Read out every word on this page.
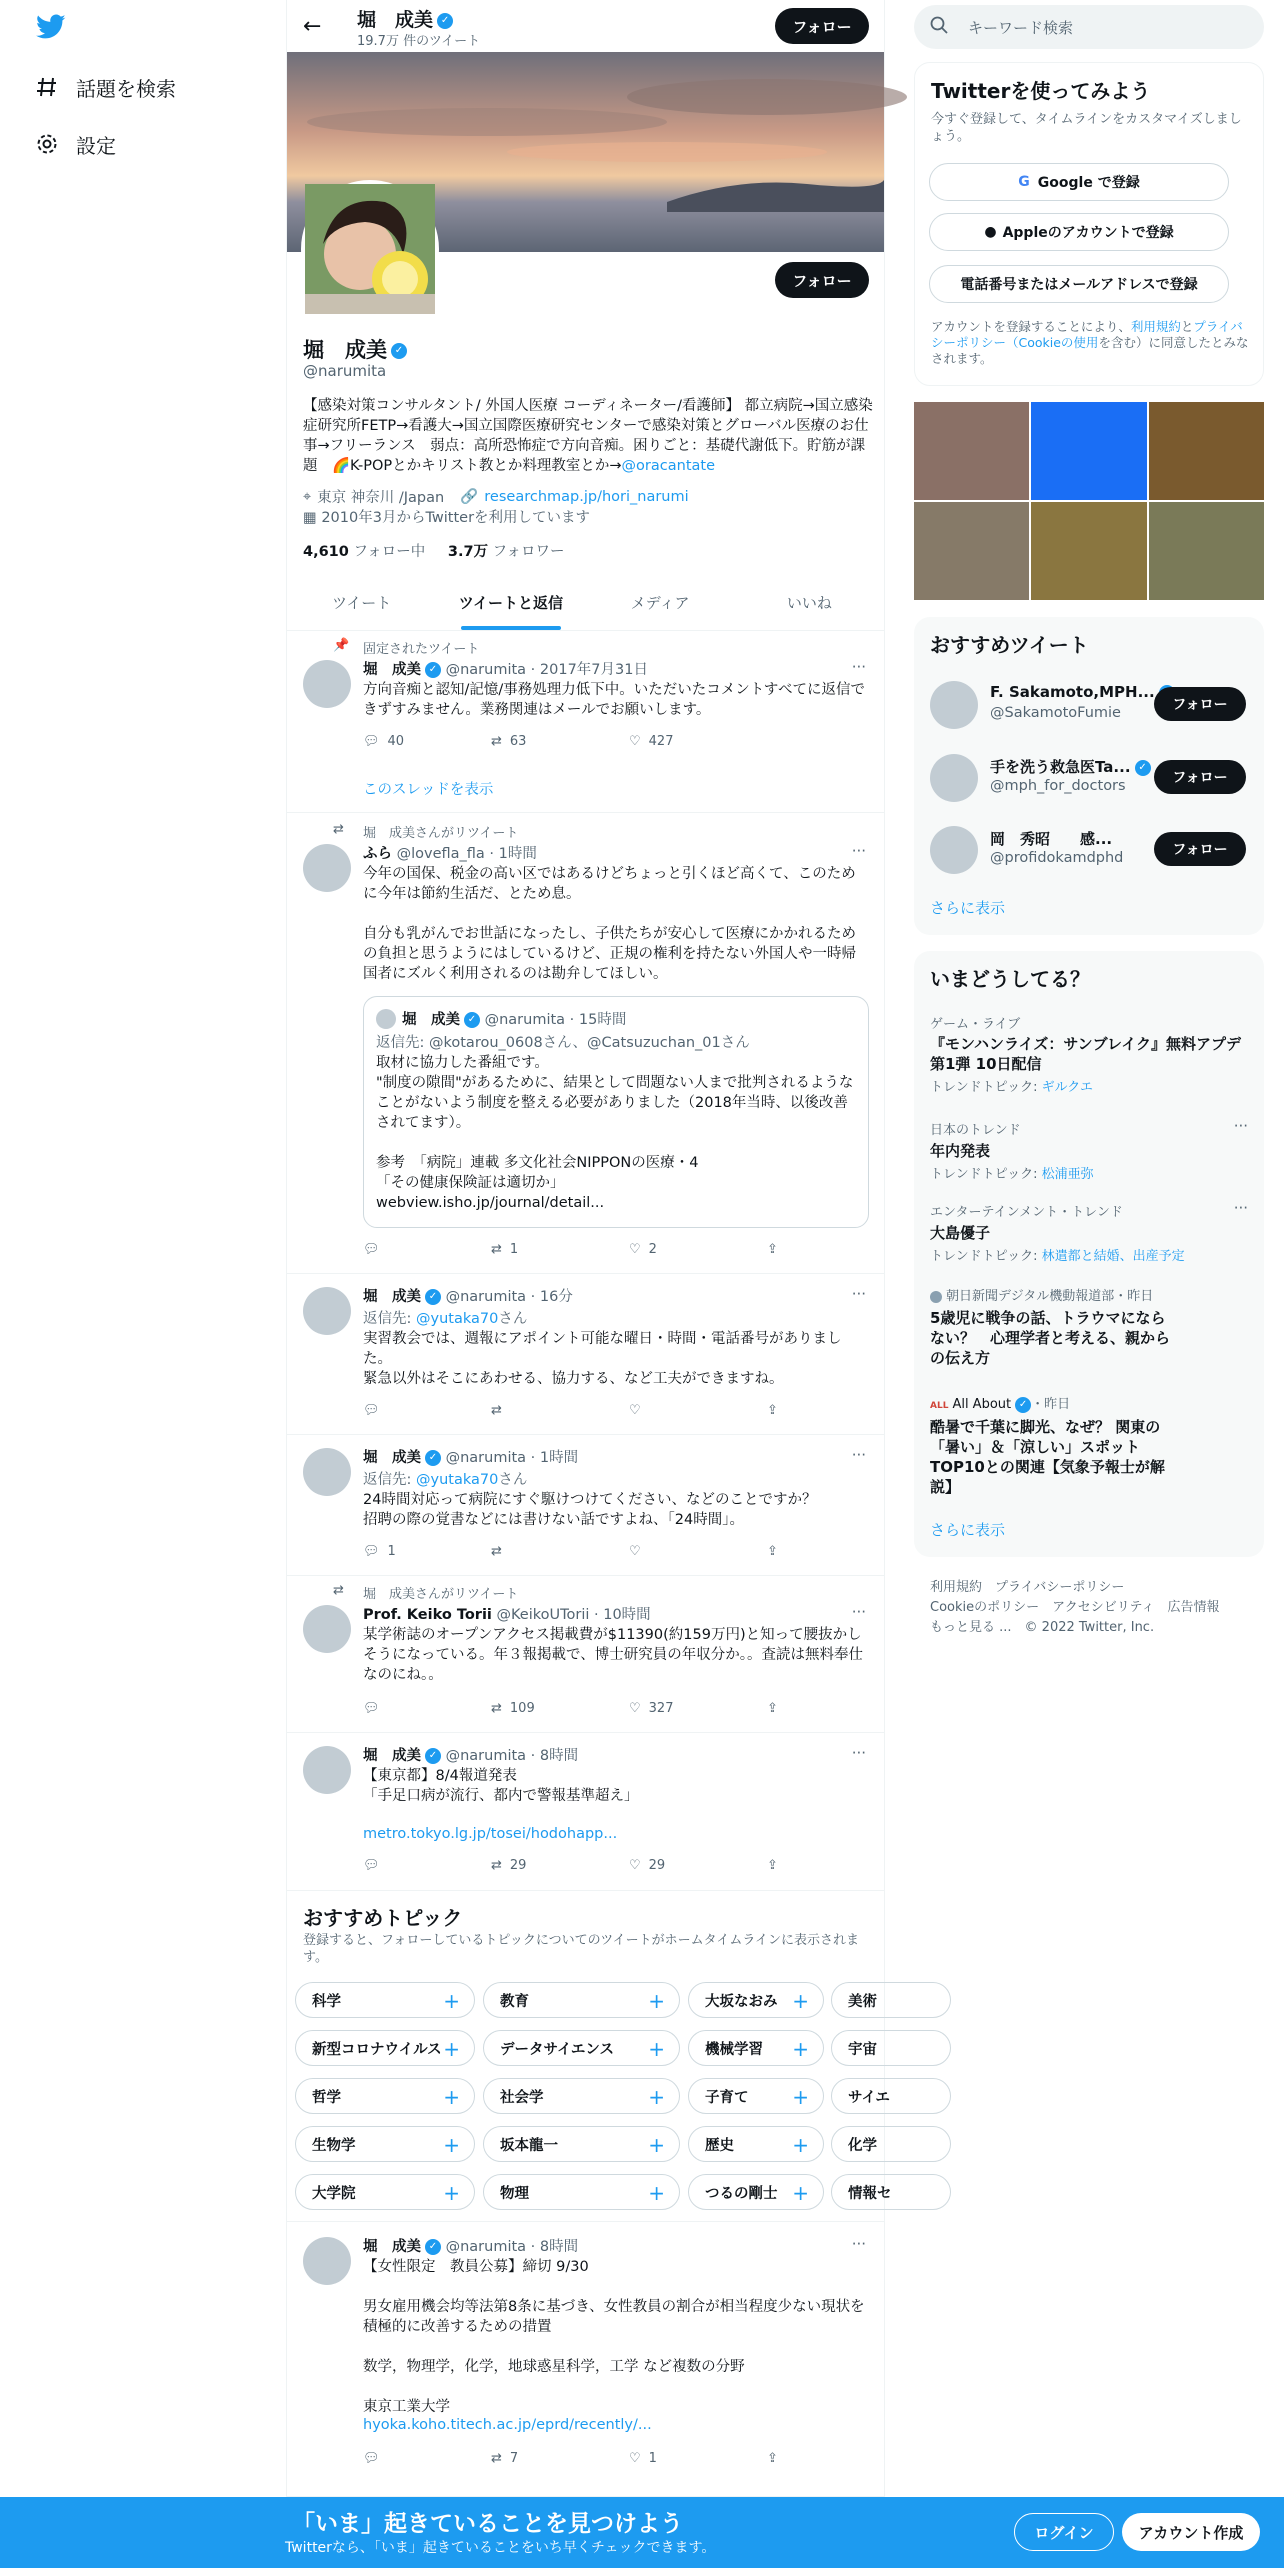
話題を検索
設定
← 堀　成美 ✓
19.7万 件のツイート
フォロー
フォロー
堀　成美 ✓
@narumita
【感染対策コンサルタント/ 外国人医療 コーディネーター/看護師】 都立病院→国立感染症研究所FETP→看護大→国立国際医療研究センターで感染対策とグローバル医療のお仕事→フリーランス　弱点：高所恐怖症で方向音痴。困りごと：基礎代謝低下。貯筋が課題　🌈K-POPとかキリスト教とか料理教室とか→@oracantate
⌖ 東京 神奈川 /Japan 🔗 researchmap.jp/hori_narumi
▦ 2010年3月からTwitterを利用しています
4,610 フォロー中 3.7万 フォロワー
ツイート	ツイートと返信	メディア	いいね
📌 固定されたツイート
堀　成美 ✓ @narumita · 2017年7月31日	···
方向音痴と認知/記憶/事務処理力低下中。いただいたコメントすべてに返信できずすみません。業務関連はメールでお願いします。
💬︎ 40	⇄ 63	♡ 427
このスレッドを表示
⇄ 堀　成美さんがリツイート
ふら @lovefla_fla · 1時間	···
今年の国保、税金の高い区ではあるけどちょっと引くほど高くて、このために今年は節約生活だ、とため息。

自分も乳がんでお世話になったし、子供たちが安心して医療にかかれるための負担と思うようにはしているけど、正規の権利を持たない外国人や一時帰国者にズルく利用されるのは勘弁してほしい。
堀　成美 ✓ @narumita · 15時間
返信先: @kotarou_0608さん、@Catsuzuchan_01さん
取材に協力した番組です。
"制度の隙間"があるために、結果として問題ない人まで批判されるようなことがないよう制度を整える必要がありました（2018年当時、以後改善されてます）。

参考　「病院」連載 多文化社会NIPPONの医療・4
「その健康保険証は適切か」
webview.isho.jp/journal/detail...
💬︎	⇄ 1	♡ 2	⇪
堀　成美 ✓ @narumita · 16分	···
返信先: @yutaka70さん
実習教会では、週報にアポイント可能な曜日・時間・電話番号がありました。
緊急以外はそこにあわせる、協力する、など工夫ができますね。
💬︎	⇄	♡	⇪
堀　成美 ✓ @narumita · 1時間	···
返信先: @yutaka70さん
24時間対応って病院にすぐ駆けつけてください、などのことですか？
招聘の際の覚書などには書けない話ですよね、「24時間」。
💬︎ 1	⇄	♡	⇪
⇄ 堀　成美さんがリツイート
Prof. Keiko Torii @KeikoUTorii · 10時間	···
某学術誌のオープンアクセス掲載費が$11390(約159万円)と知って腰抜かしそうになっている。年３報掲載で、博士研究員の年収分か。。査読は無料奉仕なのにね。。
💬︎	⇄ 109	♡ 327	⇪
堀　成美 ✓ @narumita · 8時間	···
【東京都】8/4報道発表
「手足口病が流行、都内で警報基準超え」

metro.tokyo.lg.jp/tosei/hodohapp...
💬︎	⇄ 29	♡ 29	⇪
おすすめトピック
登録すると、フォローしているトピックについてのツイートがホームタイムラインに表示されます。
科学	+	教育	+	大坂なおみ +	美術
新型コロナウイルス +	データサイエンス +	機械学習 +	宇宙
哲学	+	社会学	+	子育て +	サイエ
生物学	+	坂本龍一	+	歴史	+	化学
大学院	+	物理	+	つるの剛士 +	情報セ
堀　成美 ✓ @narumita · 8時間	···
【女性限定　教員公募】締切 9/30

男女雇用機会均等法第8条に基づき、女性教員の割合が相当程度少ない現状を積極的に改善するための措置

数学，物理学，化学，地球惑星科学，工学 など複数の分野

東京工業大学
hyoka.koho.titech.ac.jp/eprd/recently/...
💬︎	⇄ 7	♡ 1	⇪
キーワード検索
Twitterを使ってみよう
今すぐ登録して、タイムラインをカスタマイズしましょう。
G Google で登録
● Appleのアカウントで登録
電話番号またはメールアドレスで登録
アカウントを登録することにより、利用規約とプライバシーポリシー（Cookieの使用を含む）に同意したとみなされます。
おすすめツイート
F. Sakamoto,MPH...
@SakamotoFumie	フォロー
手を洗う救急医Ta... ✓
@mph_for_doctors	フォロー
岡　秀昭　　感...
@profidokamdphd	フォロー
さらに表示
いまどうしてる？
ゲーム・ライブ
『モンハンライズ：サンブレイク』無料アプデ第1弾 10日配信
トレンドトピック: ギルクエ
日本のトレンド
年内発表
トレンドトピック: 松浦亜弥
···
エンターテインメント・トレンド
大島優子
トレンドトピック: 林遣都と結婚、出産予定
···
朝日新聞デジタル機動報道部・昨日
5歳児に戦争の話、トラウマにならない？　心理学者と考える、親からの伝え方
ALL All About ✓ ・昨日
酷暑で千葉に脚光、なぜ？ 関東の「暑い」＆「涼しい」スポット TOP10との関連【気象予報士が解説】
さらに表示
利用規約　 プライバシーポリシー
Cookieのポリシー　 アクセシビリティ　 広告情報
もっと見る ...　 © 2022 Twitter, Inc.
「いま」起きていることを見つけよう
Twitterなら、「いま」起きていることをいち早くチェックできます。
ログイン	アカウント作成
